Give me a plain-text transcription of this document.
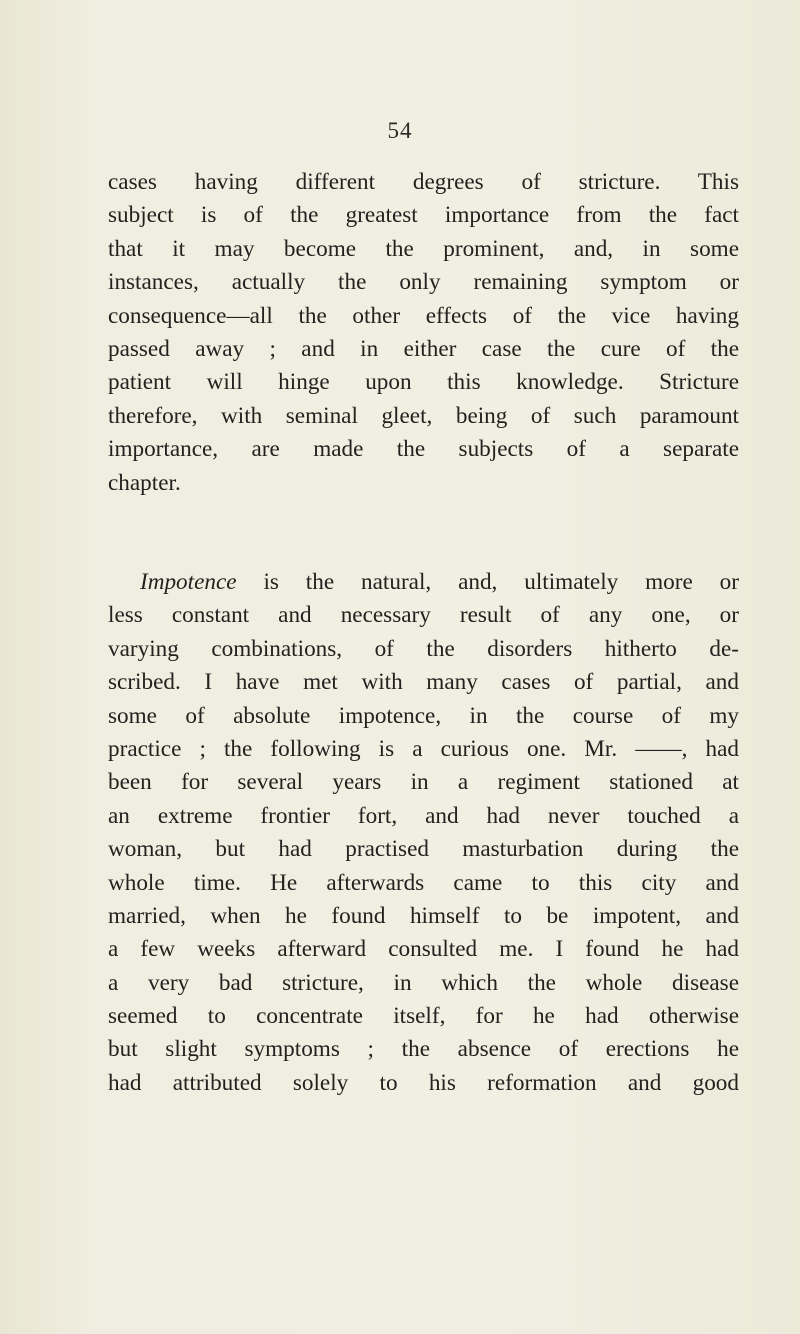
54
cases having different degrees of stricture. This
subject is of the greatest importance from the fact
that it may become the prominent, and, in some
instances, actually the only remaining symptom or
consequence—all the other effects of the vice having
passed away ; and in either case the cure of the
patient will hinge upon this knowledge. Stricture
therefore, with seminal gleet, being of such paramount
importance, are made the subjects of a separate
chapter.
Impotence is the natural, and, ultimately more or
less constant and necessary result of any one, or
varying combinations, of the disorders hitherto de-
scribed. I have met with many cases of partial, and
some of absolute impotence, in the course of my
practice ; the following is a curious one. Mr. ——, had
been for several years in a regiment stationed at
an extreme frontier fort, and had never touched a
woman, but had practised masturbation during the
whole time. He afterwards came to this city and
married, when he found himself to be impotent, and
a few weeks afterward consulted me. I found he had
a very bad stricture, in which the whole disease
seemed to concentrate itself, for he had otherwise
but slight symptoms ; the absence of erections he
had attributed solely to his reformation and good
